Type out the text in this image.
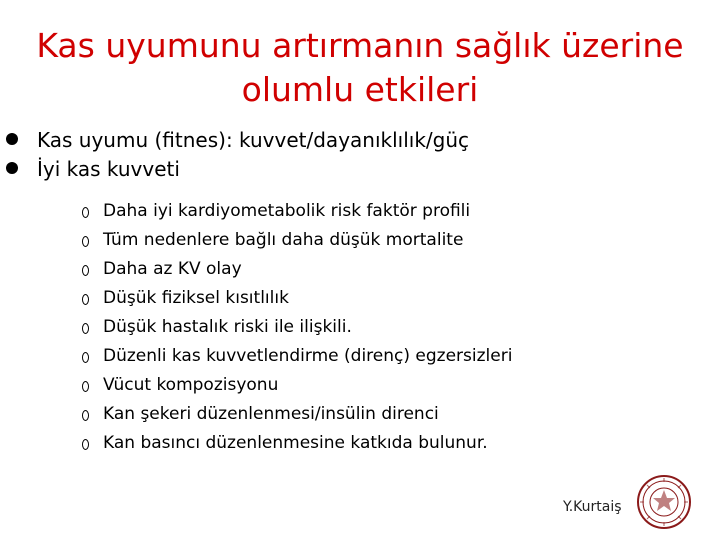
Kas uyumunu artırmanın sağlık üzerine
olumlu etkileri
Kas uyumu (fitnes): kuvvet/dayanıklılık/güç
İyi kas kuvveti
Daha iyi kardiyometabolik risk faktör profili
Tüm nedenlere bağlı daha düşük mortalite
Daha az KV olay
Düşük fiziksel kısıtlılık
Düşük hastalık riski ile ilişkili.
Düzenli kas kuvvetlendirme (direnç) egzersizleri
Vücut kompozisyonu
Kan şekeri düzenlenmesi/insülin direnci
Kan basıncı düzenlenmesine katkıda bulunur.
Y.Kurtaiş
